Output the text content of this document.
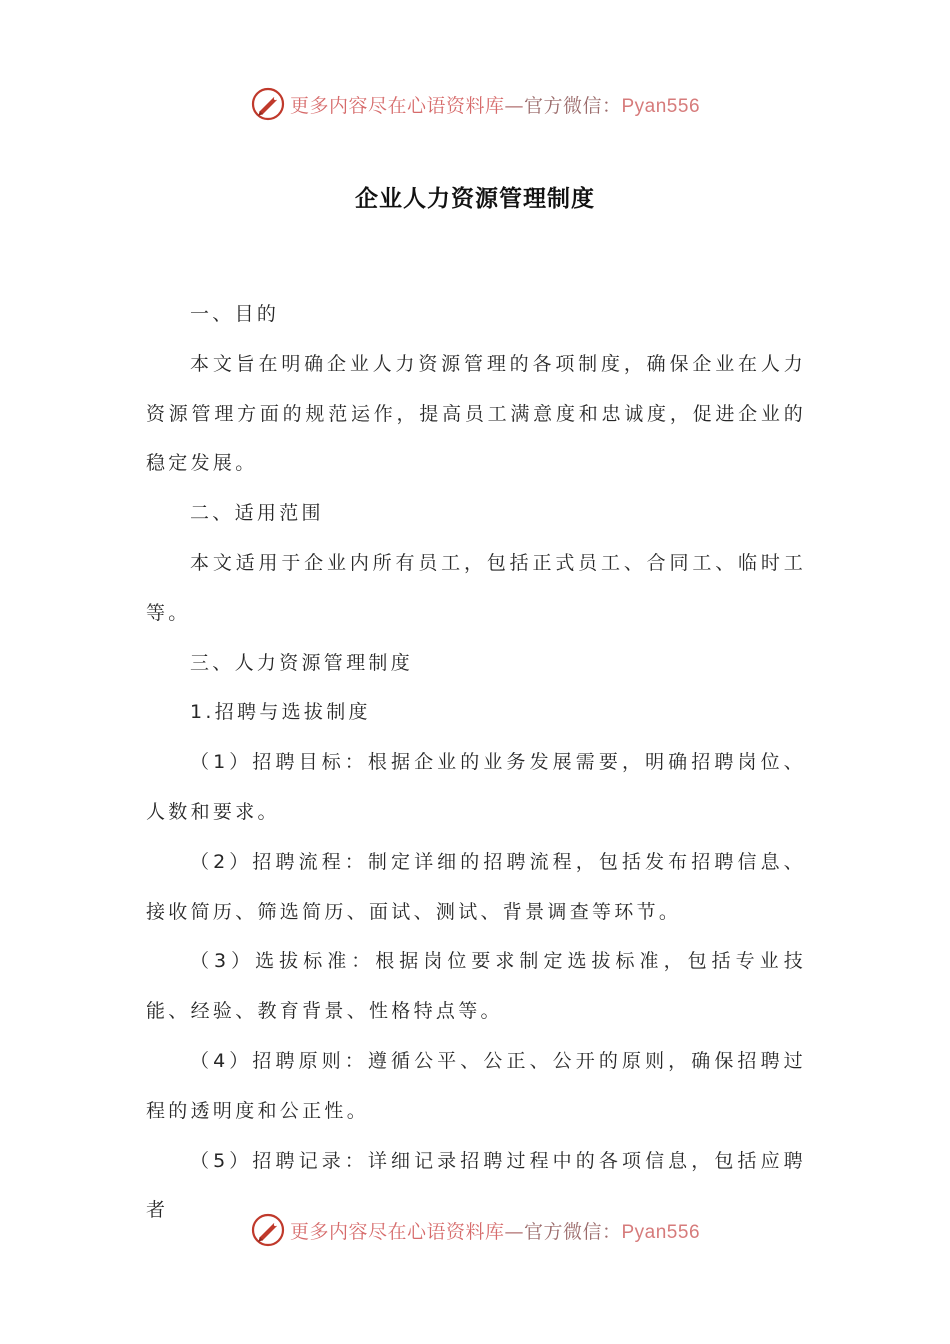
更多内容尽在心语资料库—官方微信：Pyan556
企业人力资源管理制度

一、目的

本文旨在明确企业人力资源管理的各项制度，确保企业在人力资源管理方面的规范运作，提高员工满意度和忠诚度，促进企业的稳定发展。

二、适用范围

本文适用于企业内所有员工，包括正式员工、合同工、临时工等。

三、人力资源管理制度

1.招聘与选拔制度

（1）招聘目标：根据企业的业务发展需要，明确招聘岗位、人数和要求。

（2）招聘流程：制定详细的招聘流程，包括发布招聘信息、接收简历、筛选简历、面试、测试、背景调查等环节。

（3）选拔标准：根据岗位要求制定选拔标准，包括专业技能、经验、教育背景、性格特点等。

（4）招聘原则：遵循公平、公正、公开的原则，确保招聘过程的透明度和公正性。

（5）招聘记录：详细记录招聘过程中的各项信息，包括应聘者

更多内容尽在心语资料库—官方微信：Pyan556
